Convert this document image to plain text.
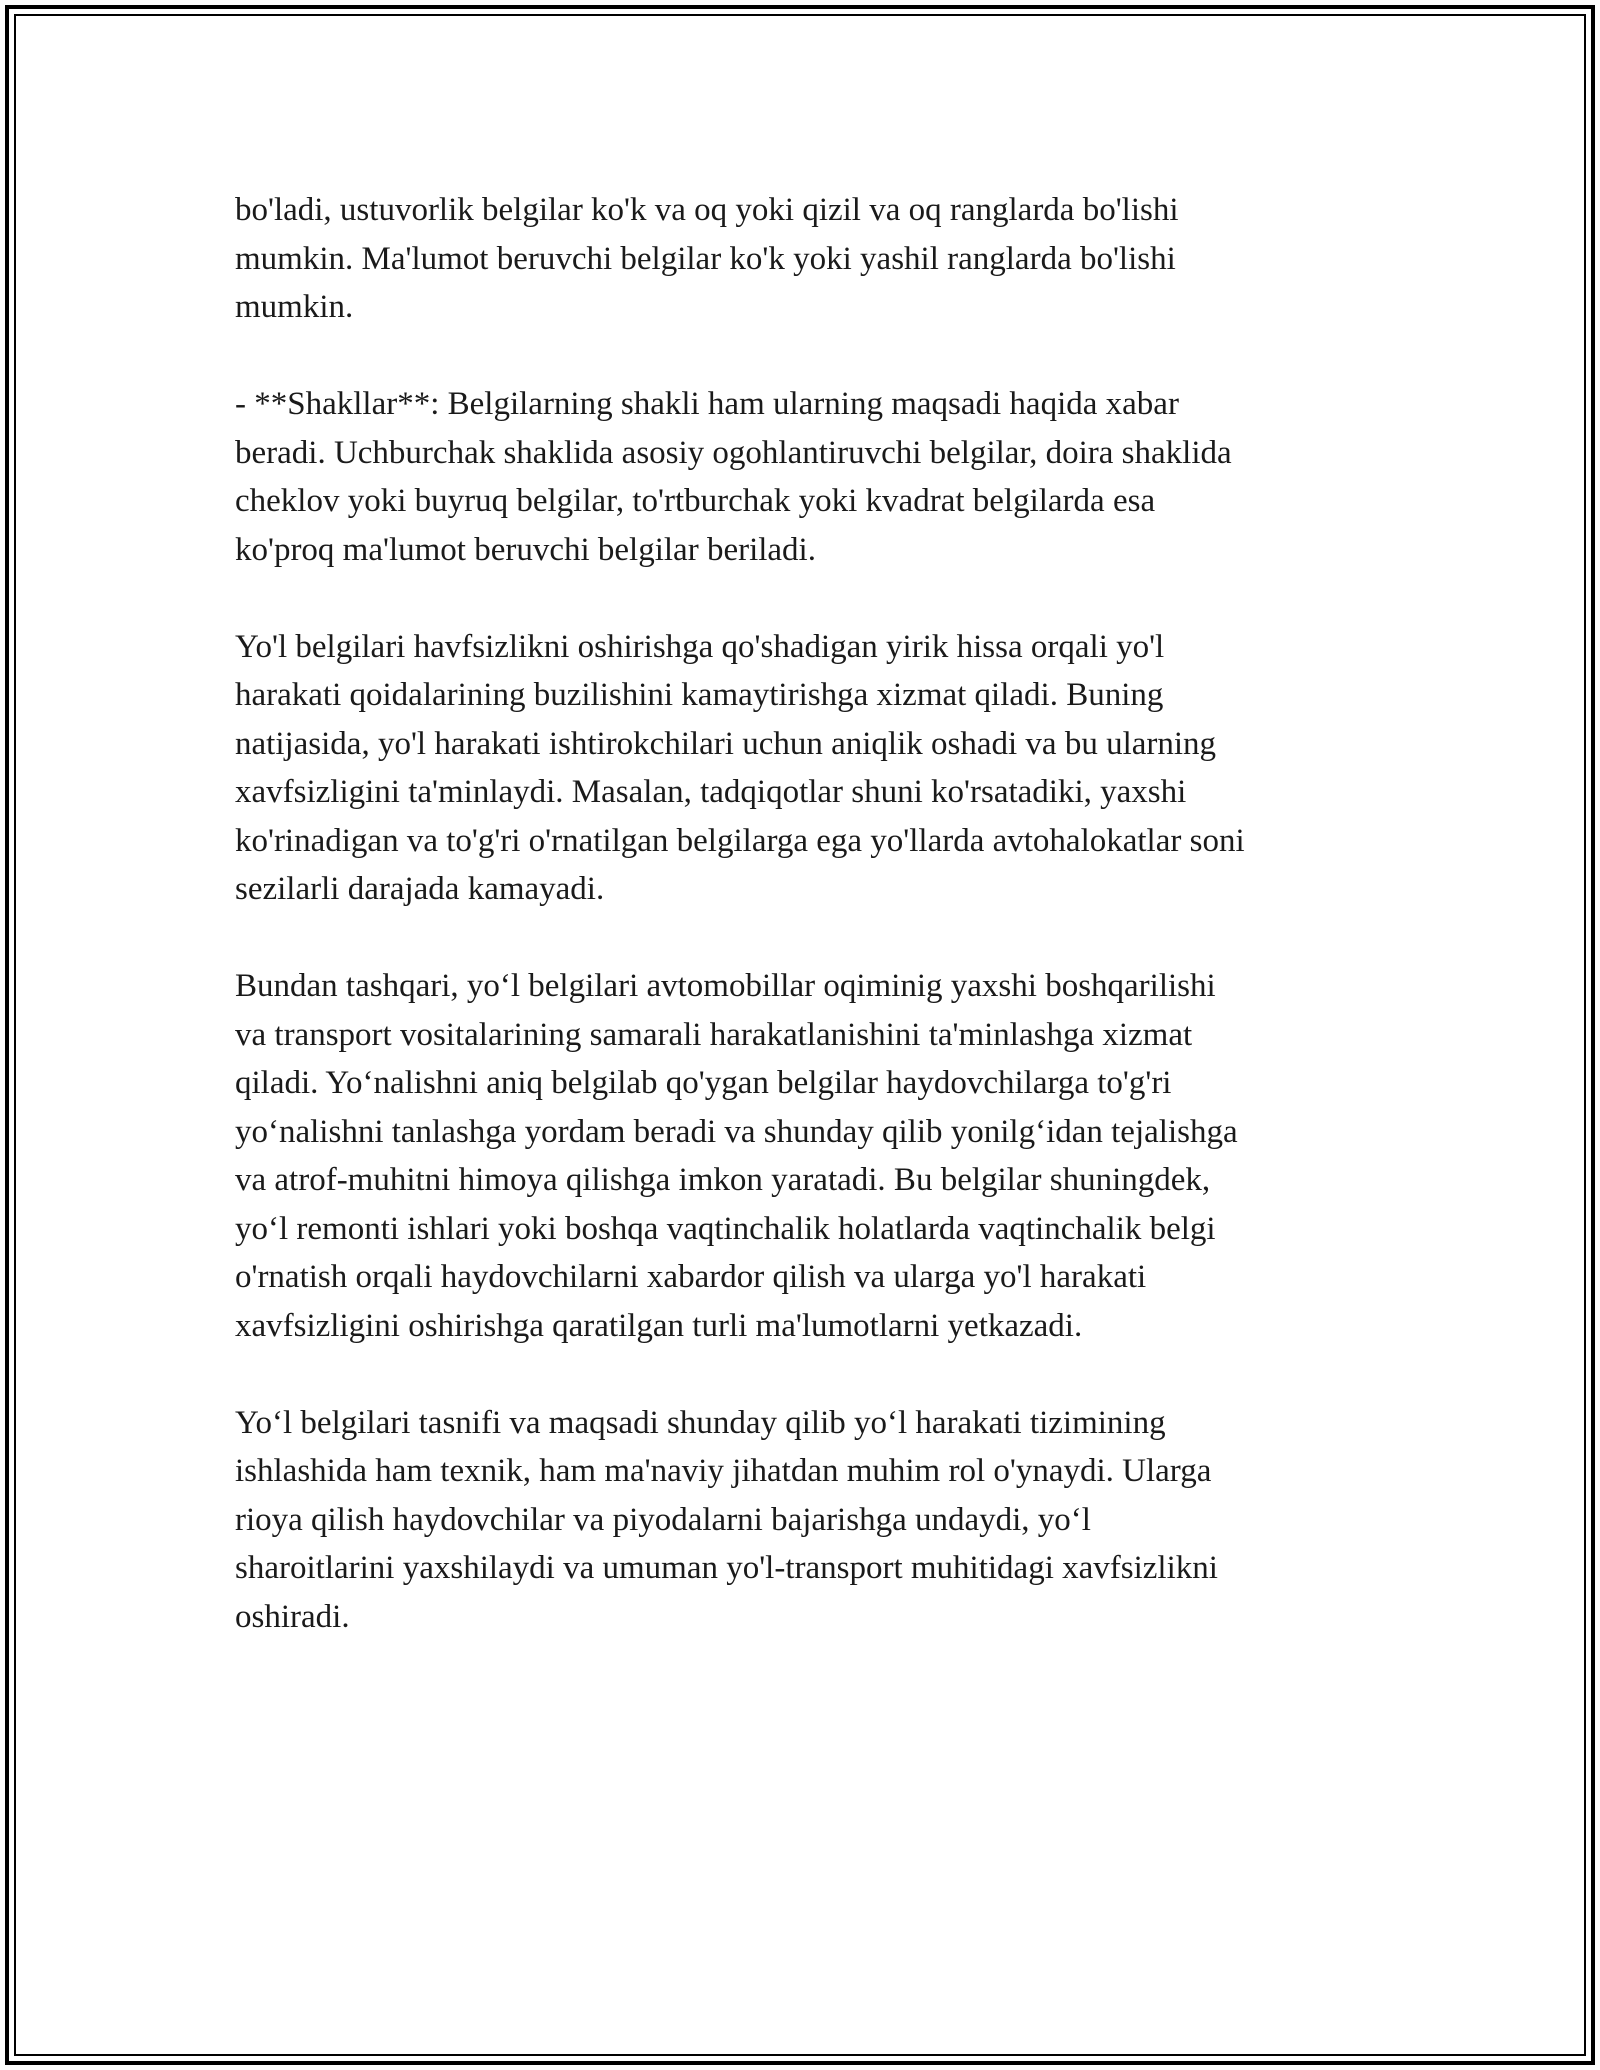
bo'ladi, ustuvorlik belgilar ko'k va oq yoki qizil va oq ranglarda bo'lishi
mumkin. Ma'lumot beruvchi belgilar ko'k yoki yashil ranglarda bo'lishi
mumkin.

- **Shakllar**: Belgilarning shakli ham ularning maqsadi haqida xabar
beradi. Uchburchak shaklida asosiy ogohlantiruvchi belgilar, doira shaklida
cheklov yoki buyruq belgilar, to'rtburchak yoki kvadrat belgilarda esa
ko'proq ma'lumot beruvchi belgilar beriladi.

Yo'l belgilari havfsizlikni oshirishga qo'shadigan yirik hissa orqali yo'l
harakati qoidalarining buzilishini kamaytirishga xizmat qiladi. Buning
natijasida, yo'l harakati ishtirokchilari uchun aniqlik oshadi va bu ularning
xavfsizligini ta'minlaydi. Masalan, tadqiqotlar shuni ko'rsatadiki, yaxshi
ko'rinadigan va to'g'ri o'rnatilgan belgilarga ega yo'llarda avtohalokatlar soni
sezilarli darajada kamayadi.

Bundan tashqari, yo‘l belgilari avtomobillar oqiminig yaxshi boshqarilishi
va transport vositalarining samarali harakatlanishini ta'minlashga xizmat
qiladi. Yo‘nalishni aniq belgilab qo'ygan belgilar haydovchilarga to'g'ri
yo‘nalishni tanlashga yordam beradi va shunday qilib yonilg‘idan tejalishga
va atrof-muhitni himoya qilishga imkon yaratadi. Bu belgilar shuningdek,
yo‘l remonti ishlari yoki boshqa vaqtinchalik holatlarda vaqtinchalik belgi
o'rnatish orqali haydovchilarni xabardor qilish va ularga yo'l harakati
xavfsizligini oshirishga qaratilgan turli ma'lumotlarni yetkazadi.

Yo‘l belgilari tasnifi va maqsadi shunday qilib yo‘l harakati tizimining
ishlashida ham texnik, ham ma'naviy jihatdan muhim rol o'ynaydi. Ularga
rioya qilish haydovchilar va piyodalarni bajarishga undaydi, yo‘l
sharoitlarini yaxshilaydi va umuman yo'l-transport muhitidagi xavfsizlikni
oshiradi.
